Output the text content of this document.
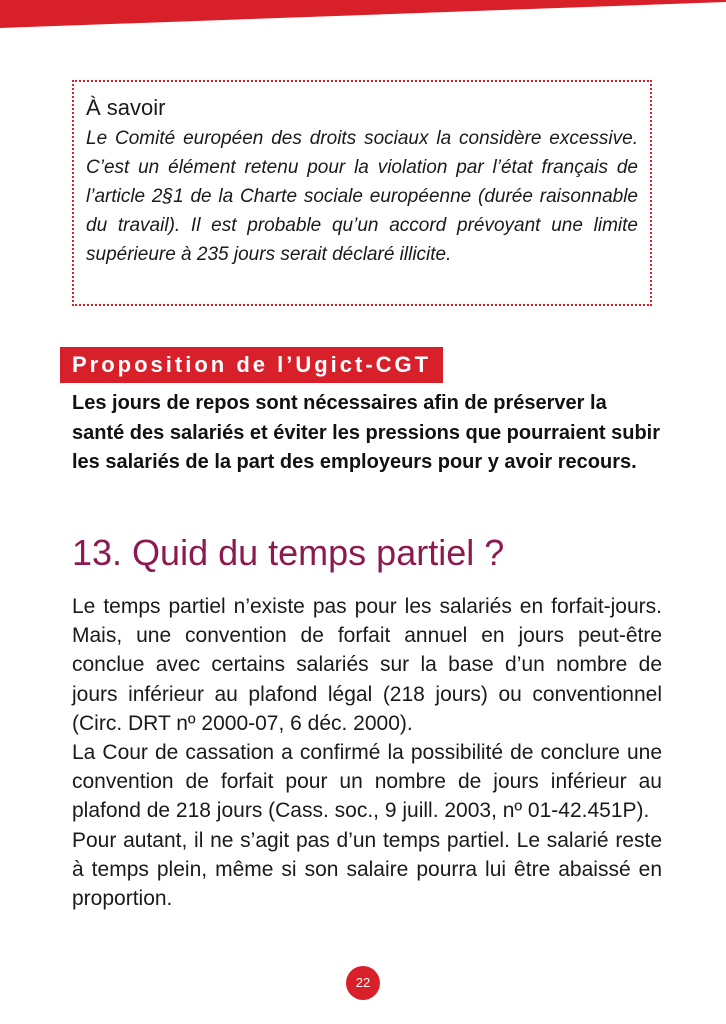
À savoir

Le Comité européen des droits sociaux la considère excessive. C’est un élément retenu pour la violation par l’état français de l’article 2§1 de la Charte sociale européenne (durée raisonnable du travail). Il est probable qu’un accord prévoyant une limite supérieure à 235 jours serait déclaré illicite.

Proposition de l’Ugict-CGT

Les jours de repos sont nécessaires afin de préserver la santé des salariés et éviter les pressions que pourraient subir les salariés de la part des employeurs pour y avoir recours.

13. Quid du temps partiel ?

Le temps partiel n’existe pas pour les salariés en forfait-jours. Mais, une convention de forfait annuel en jours peut-être conclue avec certains salariés sur la base d’un nombre de jours inférieur au plafond légal (218 jours) ou conventionnel (Circ. DRT nº 2000-07, 6 déc. 2000).

La Cour de cassation a confirmé la possibilité de conclure une convention de forfait pour un nombre de jours inférieur au plafond de 218 jours (Cass. soc., 9 juill. 2003, nº 01-42.451P).

Pour autant, il ne s’agit pas d’un temps partiel. Le salarié reste à temps plein, même si son salaire pourra lui être abaissé en proportion.

22
